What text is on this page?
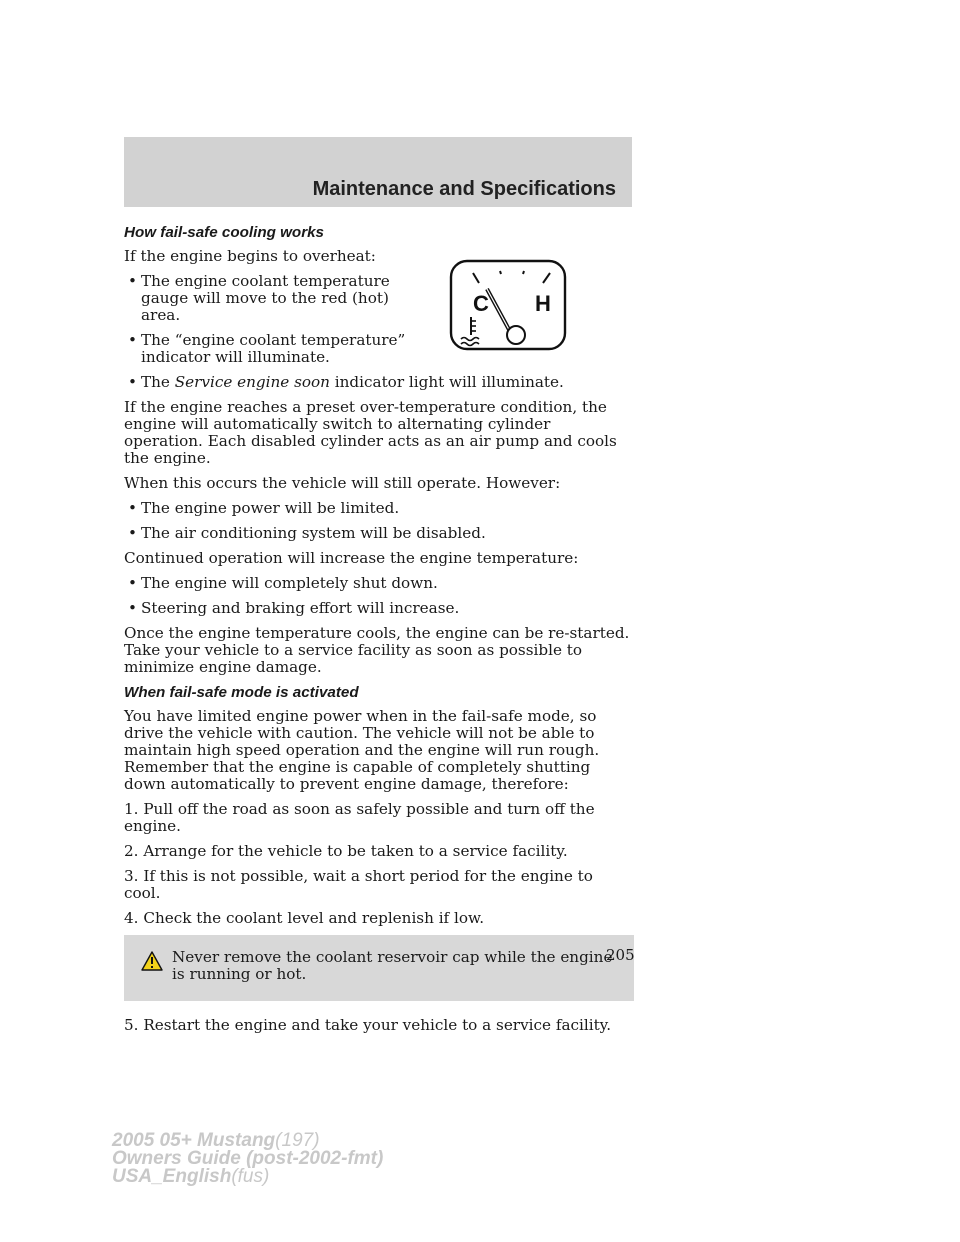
Maintenance and Specifications
C H
How fail-safe cooling works

If the engine begins to overheat:

• The engine coolant temperature gauge will move to the red (hot) area.
• The “engine coolant temperature” indicator will illuminate.
• The Service engine soon indicator light will illuminate.

If the engine reaches a preset over-temperature condition, the engine will automatically switch to alternating cylinder operation. Each disabled cylinder acts as an air pump and cools the engine.

When this occurs the vehicle will still operate. However:

• The engine power will be limited.
• The air conditioning system will be disabled.

Continued operation will increase the engine temperature:

• The engine will completely shut down.
• Steering and braking effort will increase.

Once the engine temperature cools, the engine can be re-started. Take your vehicle to a service facility as soon as possible to minimize engine damage.

When fail-safe mode is activated

You have limited engine power when in the fail-safe mode, so drive the vehicle with caution. The vehicle will not be able to maintain high speed operation and the engine will run rough. Remember that the engine is capable of completely shutting down automatically to prevent engine damage, therefore:

1. Pull off the road as soon as safely possible and turn off the engine.

2. Arrange for the vehicle to be taken to a service facility.

3. If this is not possible, wait a short period for the engine to cool.

4. Check the coolant level and replenish if low.

Never remove the coolant reservoir cap while the engine is running or hot.

5. Restart the engine and take your vehicle to a service facility.

205
2005 05+ Mustang(197)
Owners Guide (post-2002-fmt)
USA_English(fus)
